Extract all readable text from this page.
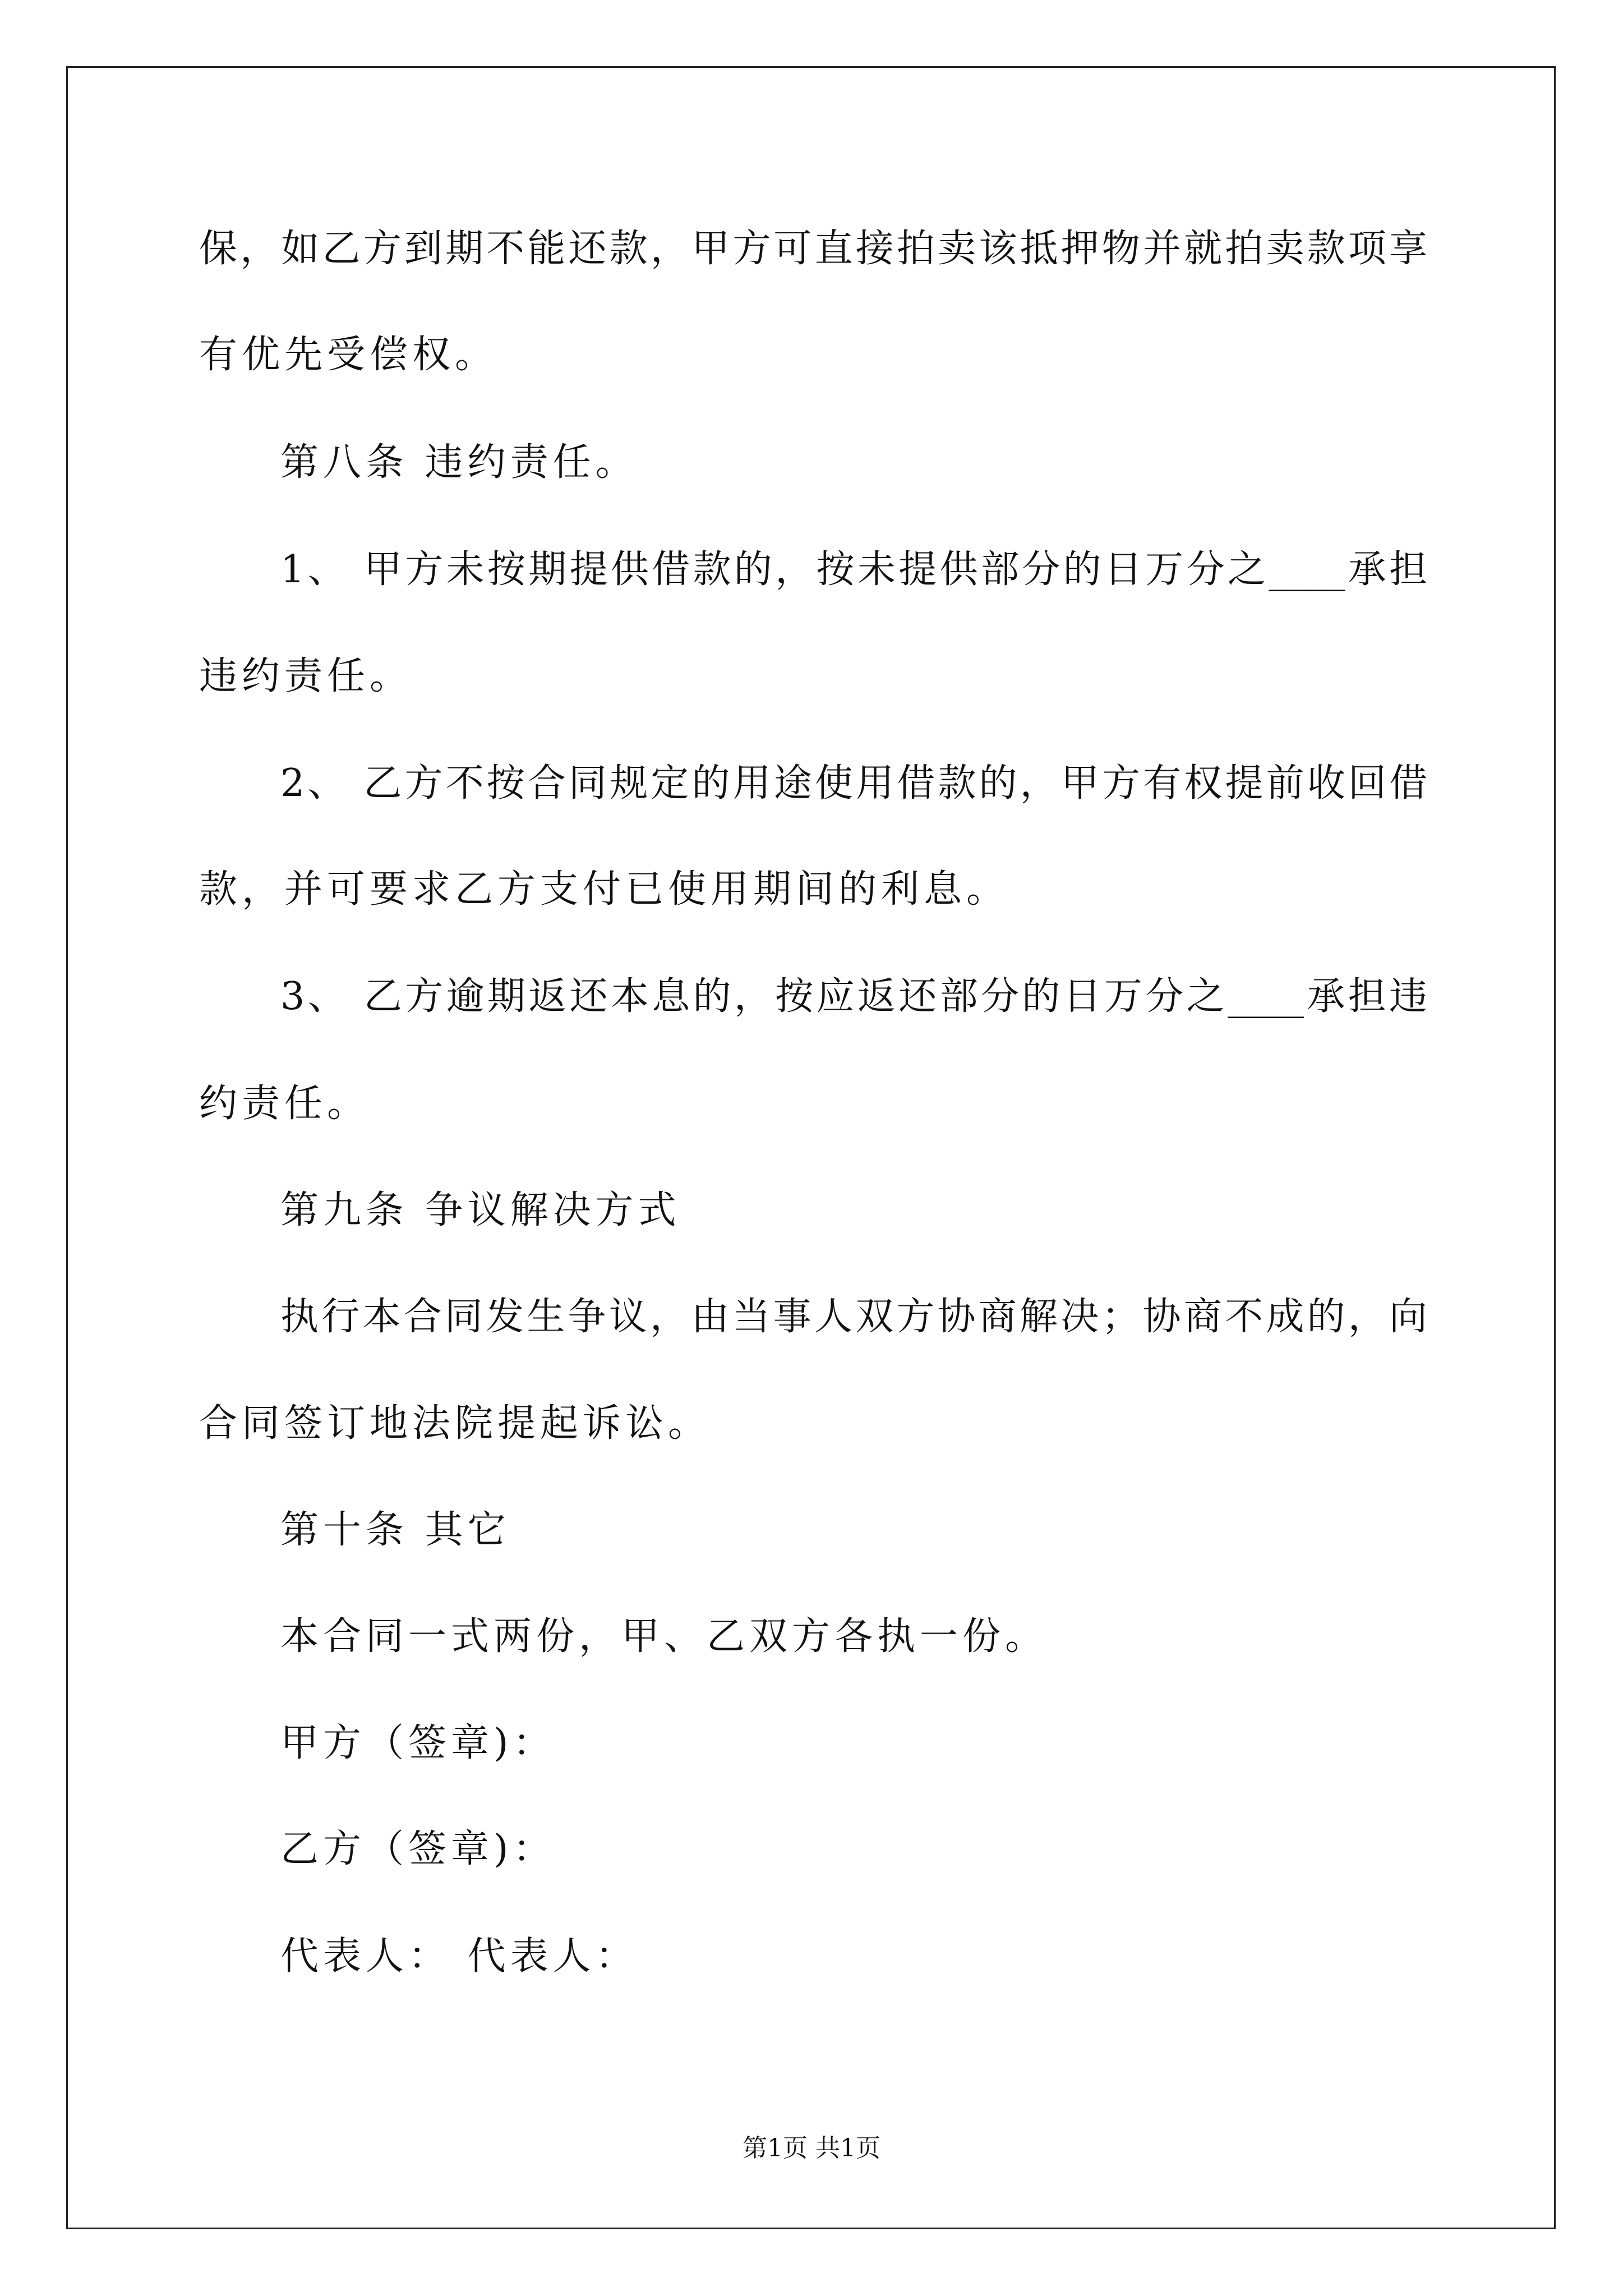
保，如乙方到期不能还款，甲方可直接拍卖该抵押物并就拍卖款项享
有优先受偿权。
第八条 违约责任。
1、 甲方未按期提供借款的，按未提供部分的日万分之____承担
违约责任。
2、 乙方不按合同规定的用途使用借款的，甲方有权提前收回借
款，并可要求乙方支付已使用期间的利息。
3、 乙方逾期返还本息的，按应返还部分的日万分之____承担违
约责任。
第九条 争议解决方式
执行本合同发生争议，由当事人双方协商解决；协商不成的，向
合同签订地法院提起诉讼。
第十条 其它
本合同一式两份，甲、乙双方各执一份。
甲方（签章)：
乙方（签章)：
代表人： 代表人：
第1页 共1页
